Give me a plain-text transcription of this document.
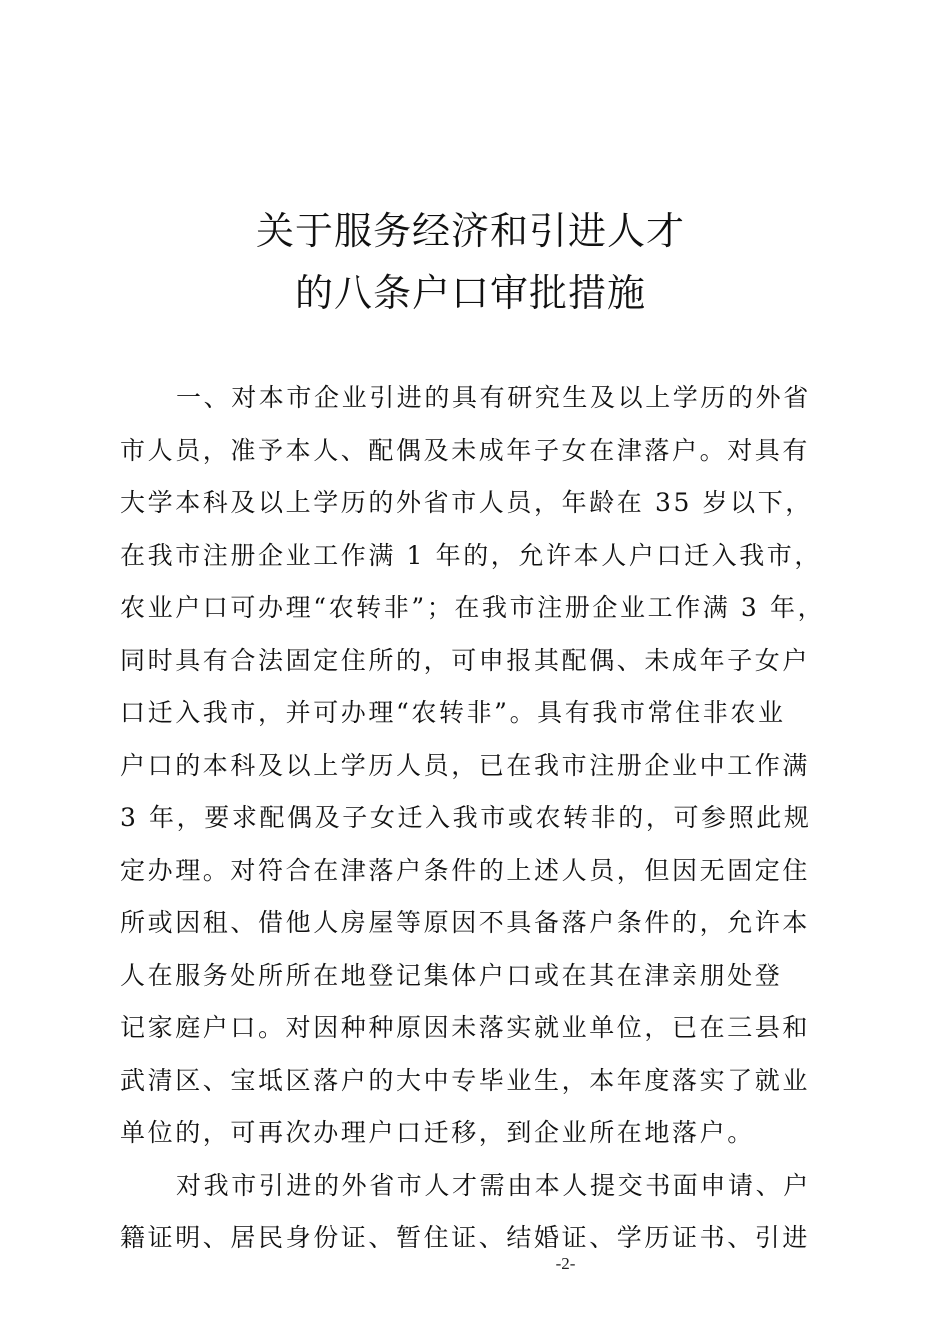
关于服务经济和引进人才
的八条户口审批措施
一、对本市企业引进的具有研究生及以上学历的外省
市人员，准予本人、配偶及未成年子女在津落户。对具有
大学本科及以上学历的外省市人员，年龄在 35 岁以下，
在我市注册企业工作满 1 年的，允许本人户口迁入我市，
农业户口可办理“农转非”；在我市注册企业工作满 3 年，
同时具有合法固定住所的，可申报其配偶、未成年子女户
口迁入我市，并可办理“农转非”。具有我市常住非农业
户口的本科及以上学历人员，已在我市注册企业中工作满
3 年，要求配偶及子女迁入我市或农转非的，可参照此规
定办理。对符合在津落户条件的上述人员，但因无固定住
所或因租、借他人房屋等原因不具备落户条件的，允许本
人在服务处所所在地登记集体户口或在其在津亲朋处登
记家庭户口。对因种种原因未落实就业单位，已在三县和
武清区、宝坻区落户的大中专毕业生，本年度落实了就业
单位的，可再次办理户口迁移，到企业所在地落户。
对我市引进的外省市人才需由本人提交书面申请、户
籍证明、居民身份证、暂住证、结婚证、学历证书、引进
-2-
